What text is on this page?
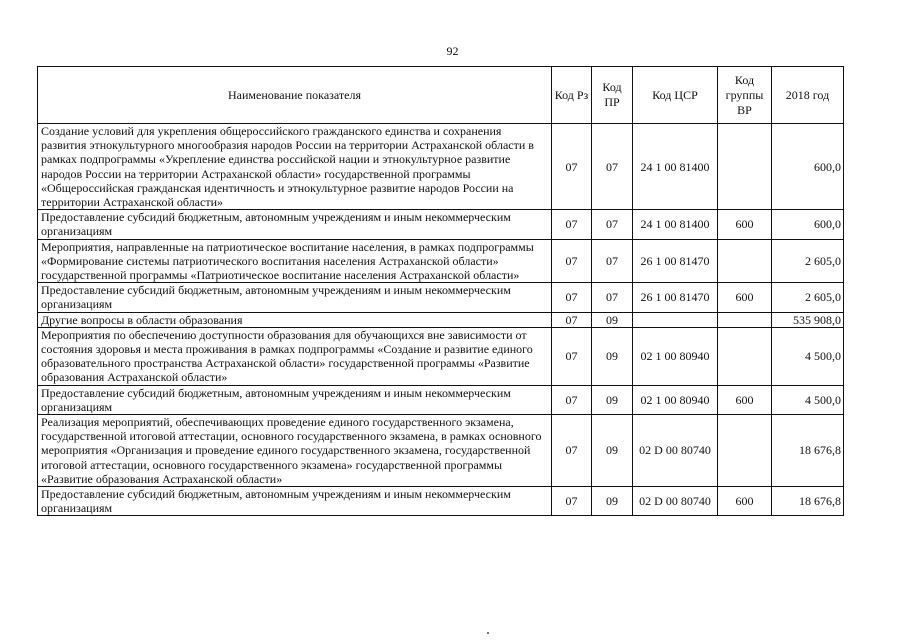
92
Наименование показателя	Код Рз	Код ПР	Код ЦСР	Код группы ВР	2018 год
Создание условий для укрепления общероссийского гражданского единства и сохранения развития этнокультурного многообразия народов России на территории Астраханской области в рамках подпрограммы «Укрепление единства российской нации и этнокультурное развитие народов России на территории Астраханской области» государственной программы «Общероссийская гражданская идентичность и этнокультурное развитие народов России на территории Астраханской области»	07	07	24 1 00 81400		600,0
Предоставление субсидий бюджетным, автономным учреждениям и иным некоммерческим организациям	07	07	24 1 00 81400	600	600,0
Мероприятия, направленные на патриотическое воспитание населения, в рамках подпрограммы «Формирование системы патриотического воспитания населения Астраханской области» государственной программы «Патриотическое воспитание населения Астраханской области»	07	07	26 1 00 81470		2 605,0
Предоставление субсидий бюджетным, автономным учреждениям и иным некоммерческим организациям	07	07	26 1 00 81470	600	2 605,0
Другие вопросы в области образования	07	09			535 908,0
Мероприятия по обеспечению доступности образования для обучающихся вне зависимости от состояния здоровья и места проживания в рамках подпрограммы «Создание и развитие единого образовательного пространства Астраханской области» государственной программы «Развитие образования Астраханской области»	07	09	02 1 00 80940		4 500,0
Предоставление субсидий бюджетным, автономным учреждениям и иным некоммерческим организациям	07	09	02 1 00 80940	600	4 500,0
Реализация мероприятий, обеспечивающих проведение единого государственного экзамена, государственной итоговой аттестации, основного государственного экзамена, в рамках основного мероприятия «Организация и проведение единого государственного экзамена, государственной итоговой аттестации, основного государственного экзамена» государственной программы «Развитие образования Астраханской области»	07	09	02 D 00 80740		18 676,8
Предоставление субсидий бюджетным, автономным учреждениям и иным некоммерческим организациям	07	09	02 D 00 80740	600	18 676,8
